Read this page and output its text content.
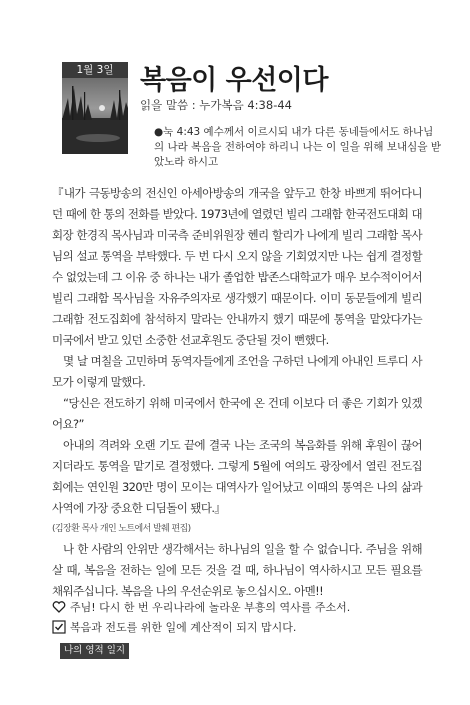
1월 3일 복음이 우선이다
읽을 말씀 : 누가복음 4:38-44
●눅 4:43 예수께서 이르시되 내가 다른 동네들에서도 하나님의 나라 복음을 전하여야 하리니 나는 이 일을 위해 보내심을 받았노라 하시고

『내가 극동방송의 전신인 아세아방송의 개국을 앞두고 한창 바쁘게 뛰어다니던 때에 한 통의 전화를 받았다. 1973년에 열렸던 빌리 그래함 한국전도대회 대회장 한경직 목사님과 미국측 준비위원장 헨리 할리가 나에게 빌리 그래함 목사님의 설교 통역을 부탁했다. 두 번 다시 오지 않을 기회였지만 나는 쉽게 결정할 수 없었는데 그 이유 중 하나는 내가 졸업한 밥존스대학교가 매우 보수적이어서 빌리 그래함 목사님을 자유주의자로 생각했기 때문이다. 이미 동문들에게 빌리 그래함 전도집회에 참석하지 말라는 안내까지 했기 때문에 통역을 맡았다가는 미국에서 받고 있던 소중한 선교후원도 중단될 것이 뻔했다.

몇 날 며칠을 고민하며 동역자들에게 조언을 구하던 나에게 아내인 트루디 사모가 이렇게 말했다.

“당신은 전도하기 위해 미국에서 한국에 온 건데 이보다 더 좋은 기회가 있겠어요?”

아내의 격려와 오랜 기도 끝에 결국 나는 조국의 복음화를 위해 후원이 끊어지더라도 통역을 맡기로 결정했다. 그렇게 5월에 여의도 광장에서 열린 전도집회에는 연인원 320만 명이 모이는 대역사가 일어났고 이때의 통역은 나의 삶과 사역에 가장 중요한 디딤돌이 됐다.』

(김장환 목사 개인 노트에서 발췌 편집)

나 한 사람의 안위만 생각해서는 하나님의 일을 할 수 없습니다. 주님을 위해 살 때, 복음을 전하는 일에 모든 것을 걸 때, 하나님이 역사하시고 모든 필요를 채워주십니다. 복음을 나의 우선순위로 놓으십시오. 아멘!!

주님! 다시 한 번 우리나라에 놀라운 부흥의 역사를 주소서.
복음과 전도를 위한 일에 계산적이 되지 맙시다.
나의 영적 일지
